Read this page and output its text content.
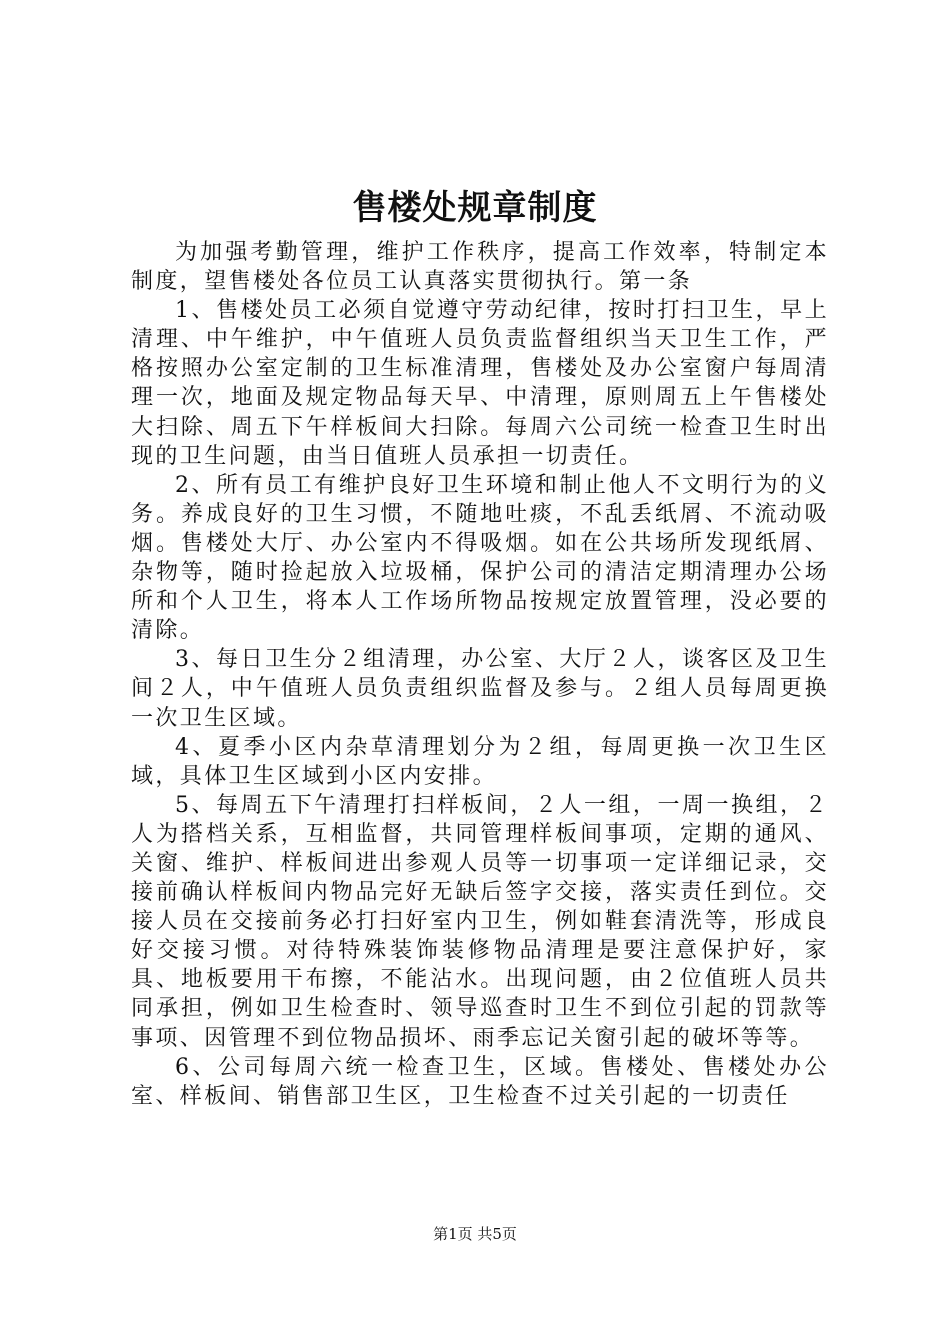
售楼处规章制度

为加强考勤管理，维护工作秩序，提高工作效率，特制定本制度，望售楼处各位员工认真落实贯彻执行。第一条

1、售楼处员工必须自觉遵守劳动纪律，按时打扫卫生，早上清理、中午维护，中午值班人员负责监督组织当天卫生工作，严格按照办公室定制的卫生标准清理，售楼处及办公室窗户每周清理一次，地面及规定物品每天早、中清理，原则周五上午售楼处大扫除、周五下午样板间大扫除。每周六公司统一检查卫生时出现的卫生问题，由当日值班人员承担一切责任。

2、所有员工有维护良好卫生环境和制止他人不文明行为的义务。养成良好的卫生习惯，不随地吐痰，不乱丢纸屑、不流动吸烟。售楼处大厅、办公室内不得吸烟。如在公共场所发现纸屑、杂物等，随时捡起放入垃圾桶，保护公司的清洁定期清理办公场所和个人卫生，将本人工作场所物品按规定放置管理，没必要的清除。

3、每日卫生分２组清理，办公室、大厅２人，谈客区及卫生间２人，中午值班人员负责组织监督及参与。２组人员每周更换一次卫生区域。

4、夏季小区内杂草清理划分为２组，每周更换一次卫生区域，具体卫生区域到小区内安排。

5、每周五下午清理打扫样板间，２人一组，一周一换组，２人为搭档关系，互相监督，共同管理样板间事项，定期的通风、关窗、维护、样板间进出参观人员等一切事项一定详细记录，交接前确认样板间内物品完好无缺后签字交接，落实责任到位。交接人员在交接前务必打扫好室内卫生，例如鞋套清洗等，形成良好交接习惯。对待特殊装饰装修物品清理是要注意保护好，家具、地板要用干布擦，不能沾水。出现问题，由２位值班人员共同承担，例如卫生检查时、领导巡查时卫生不到位引起的罚款等事项、因管理不到位物品损坏、雨季忘记关窗引起的破坏等等。

6、公司每周六统一检查卫生，区域。售楼处、售楼处办公室、样板间、销售部卫生区，卫生检查不过关引起的一切责任

第1页 共5页
